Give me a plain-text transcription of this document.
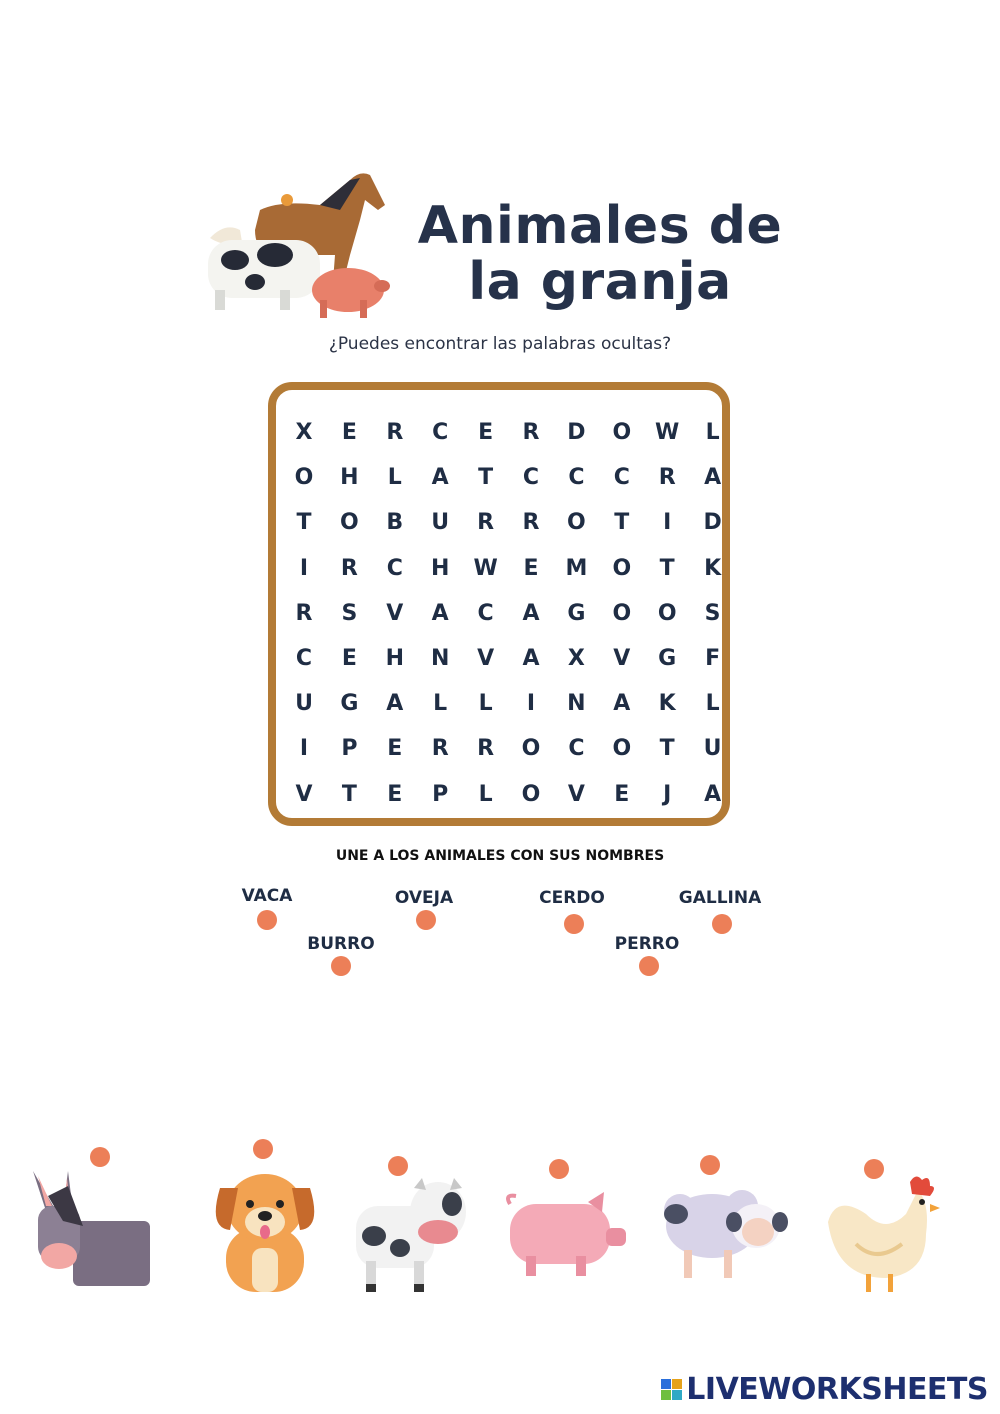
Animales de
la granja
¿Puedes encontrar las palabras ocultas?
X	E	R	C	E	R	D	O	W	L
O	H	L	A	T	C	C	C	R	A
T	O	B	U	R	R	O	T	I	D
I	R	C	H	W	E	M	O	T	K
R	S	V	A	C	A	G	O	O	S
C	E	H	N	V	A	X	V	G	F
U	G	A	L	L	I	N	A	K	L
I	P	E	R	R	O	C	O	T	U
V	T	E	P	L	O	V	E	J	A
UNE A LOS ANIMALES CON SUS NOMBRES
VACA
BURRO
OVEJA	CERDO
PERRO
GALLINA
LIVEWORKSHEETS
